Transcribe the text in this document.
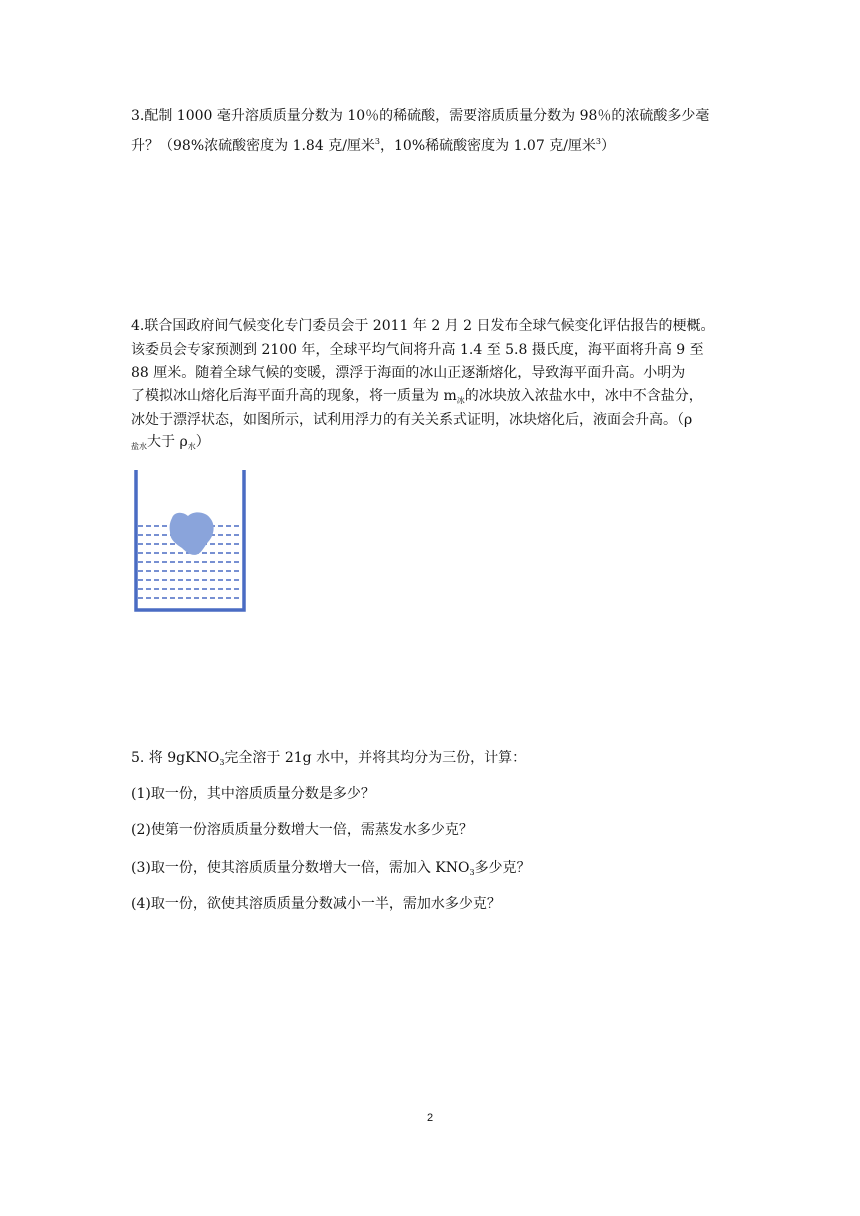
3.配制 1000 毫升溶质质量分数为 10％的稀硫酸，需要溶质质量分数为 98％的浓硫酸多少毫
升？（98%浓硫酸密度为 1.84 克/厘米$^3$，10%稀硫酸密度为 1.07 克/厘米$^3$）
4.联合国政府间气候变化专门委员会于 2011 年 2 月 2 日发布全球气候变化评估报告的梗概。
该委员会专家预测到 2100 年，全球平均气间将升高 1.4 至 5.8 摄氏度，海平面将升高 9 至
88 厘米。随着全球气候的变暖，漂浮于海面的冰山正逐渐熔化，导致海平面升高。小明为
了模拟冰山熔化后海平面升高的现象，将一质量为 $m_冰$的冰块放入浓盐水中，冰中不含盐分，
冰处于漂浮状态，如图所示，试利用浮力的有关关系式证明，冰块熔化后，液面会升高。（ρ
$_{盐水}$大于 $\rho_水$）
5. 将 9gKNO$_3$完全溶于 21g 水中，并将其均分为三份，计算：
(1)取一份，其中溶质质量分数是多少？
(2)使第一份溶质质量分数增大一倍，需蒸发水多少克？
(3)取一份，使其溶质质量分数增大一倍，需加入 $KNO_3$多少克？
(4)取一份，欲使其溶质质量分数减小一半，需加水多少克？
2
